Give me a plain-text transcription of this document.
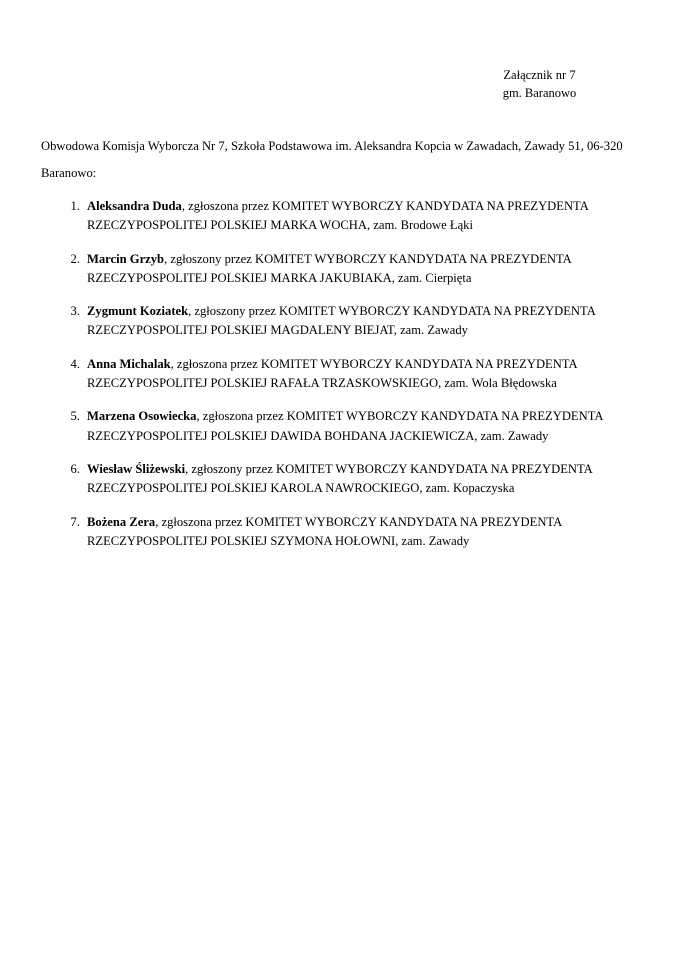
Załącznik nr 7
gm. Baranowo

Obwodowa Komisja Wyborcza Nr 7, Szkoła Podstawowa im. Aleksandra Kopcia w Zawadach, Zawady 51, 06-320 Baranowo:

1. Aleksandra Duda, zgłoszona przez KOMITET WYBORCZY KANDYDATA NA PREZYDENTA RZECZYPOSPOLITEJ POLSKIEJ MARKA WOCHA, zam. Brodowe Łąki
2. Marcin Grzyb, zgłoszony przez KOMITET WYBORCZY KANDYDATA NA PREZYDENTA RZECZYPOSPOLITEJ POLSKIEJ MARKA JAKUBIAKA, zam. Cierpięta
3. Zygmunt Koziatek, zgłoszony przez KOMITET WYBORCZY KANDYDATA NA PREZYDENTA RZECZYPOSPOLITEJ POLSKIEJ MAGDALENY BIEJAT, zam. Zawady
4. Anna Michalak, zgłoszona przez KOMITET WYBORCZY KANDYDATA NA PREZYDENTA RZECZYPOSPOLITEJ POLSKIEJ RAFAŁA TRZASKOWSKIEGO, zam. Wola Błędowska
5. Marzena Osowiecka, zgłoszona przez KOMITET WYBORCZY KANDYDATA NA PREZYDENTA RZECZYPOSPOLITEJ POLSKIEJ DAWIDA BOHDANA JACKIEWICZA, zam. Zawady
6. Wiesław Śliżewski, zgłoszony przez KOMITET WYBORCZY KANDYDATA NA PREZYDENTA RZECZYPOSPOLITEJ POLSKIEJ KAROLA NAWROCKIEGO, zam. Kopaczyska
7. Bożena Zera, zgłoszona przez KOMITET WYBORCZY KANDYDATA NA PREZYDENTA RZECZYPOSPOLITEJ POLSKIEJ SZYMONA HOŁOWNI, zam. Zawady
